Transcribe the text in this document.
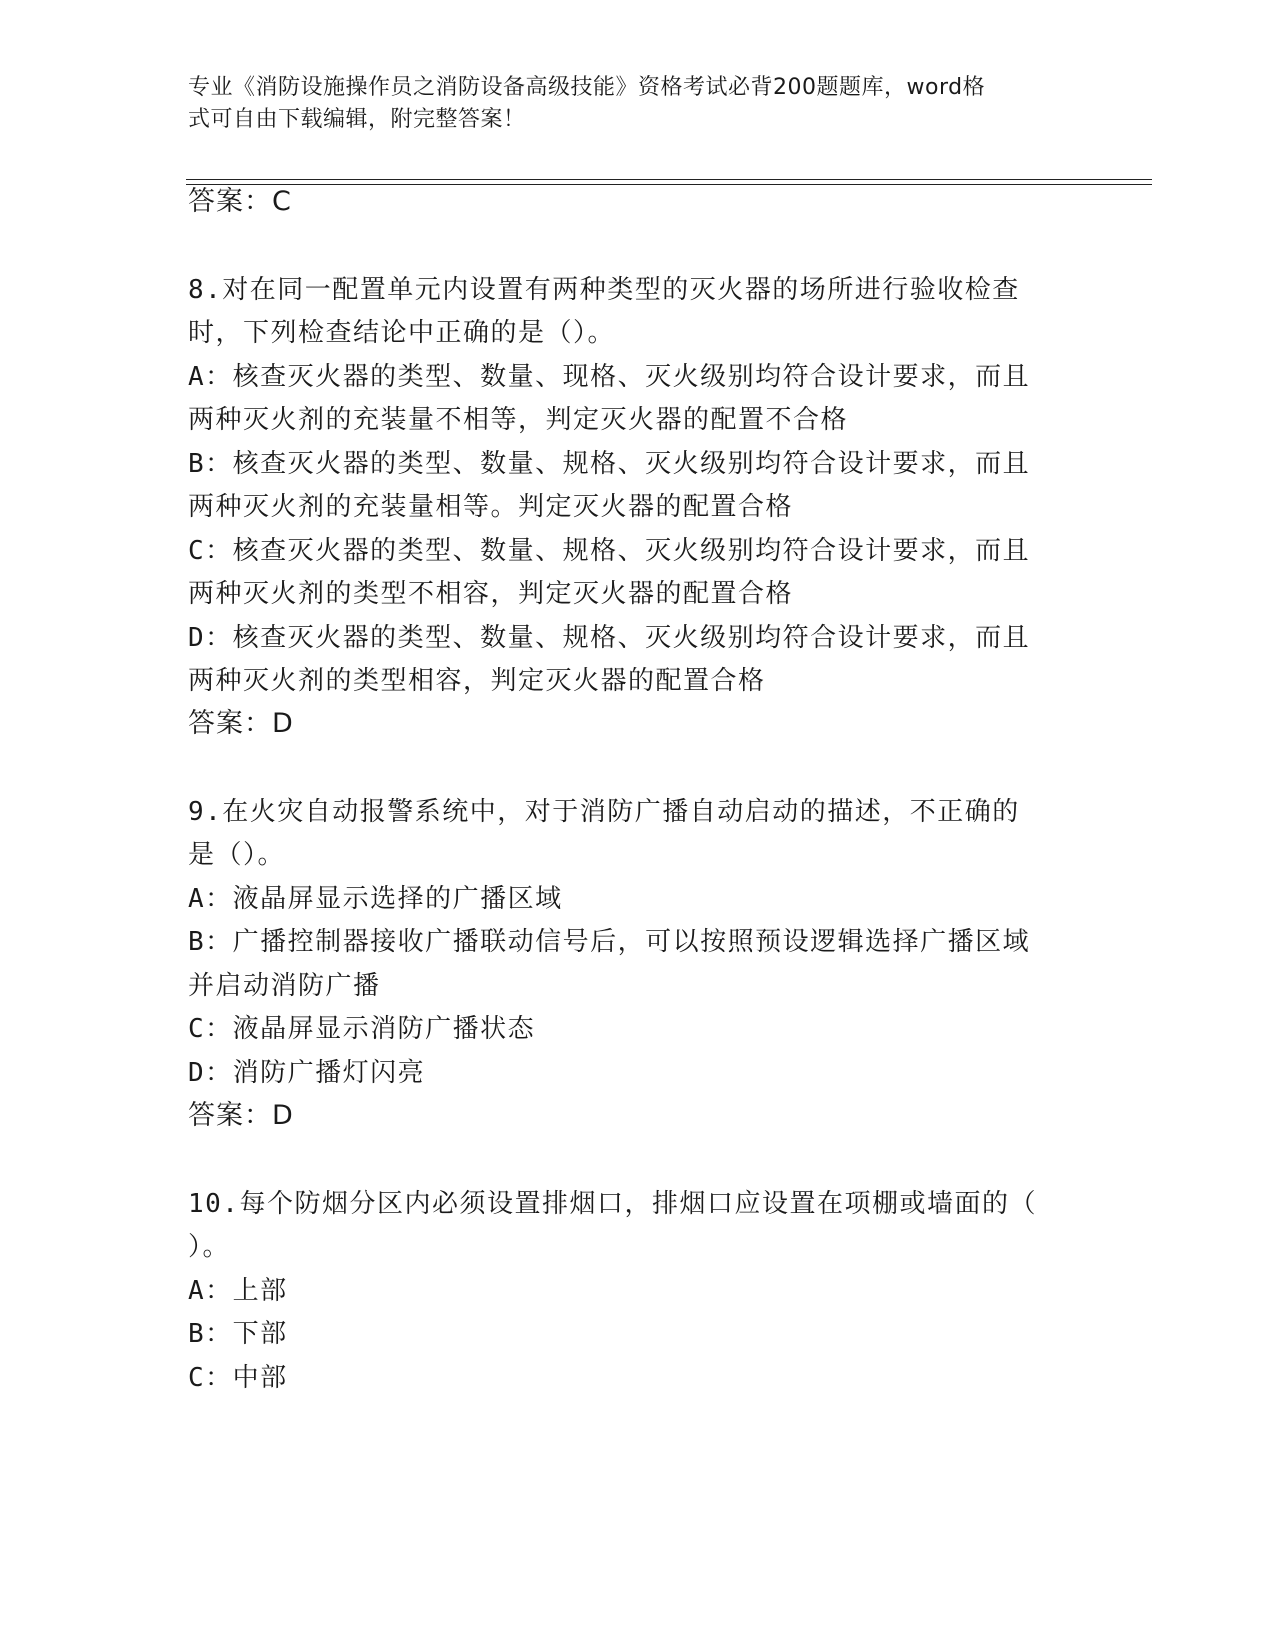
专业《消防设施操作员之消防设备高级技能》资格考试必背200题题库，word格
式可自由下载编辑，附完整答案！
答案：C
8.对在同一配置单元内设置有两种类型的灭火器的场所进行验收检查
时，下列检查结论中正确的是（）。
A：核查灭火器的类型、数量、现格、灭火级别均符合设计要求，而且
两种灭火剂的充装量不相等，判定灭火器的配置不合格
B：核查灭火器的类型、数量、规格、灭火级别均符合设计要求，而且
两种灭火剂的充装量相等。判定灭火器的配置合格
C：核查灭火器的类型、数量、规格、灭火级别均符合设计要求，而且
两种灭火剂的类型不相容，判定灭火器的配置合格
D：核查灭火器的类型、数量、规格、灭火级别均符合设计要求，而且
两种灭火剂的类型相容，判定灭火器的配置合格
答案：D
9.在火灾自动报警系统中，对于消防广播自动启动的描述，不正确的
是（）。
A：液晶屏显示选择的广播区域
B：广播控制器接收广播联动信号后，可以按照预设逻辑选择广播区域
并启动消防广播
C：液晶屏显示消防广播状态
D：消防广播灯闪亮
答案：D
10.每个防烟分区内必须设置排烟口，排烟口应设置在项棚或墙面的（
）。
A：上部
B：下部
C：中部
